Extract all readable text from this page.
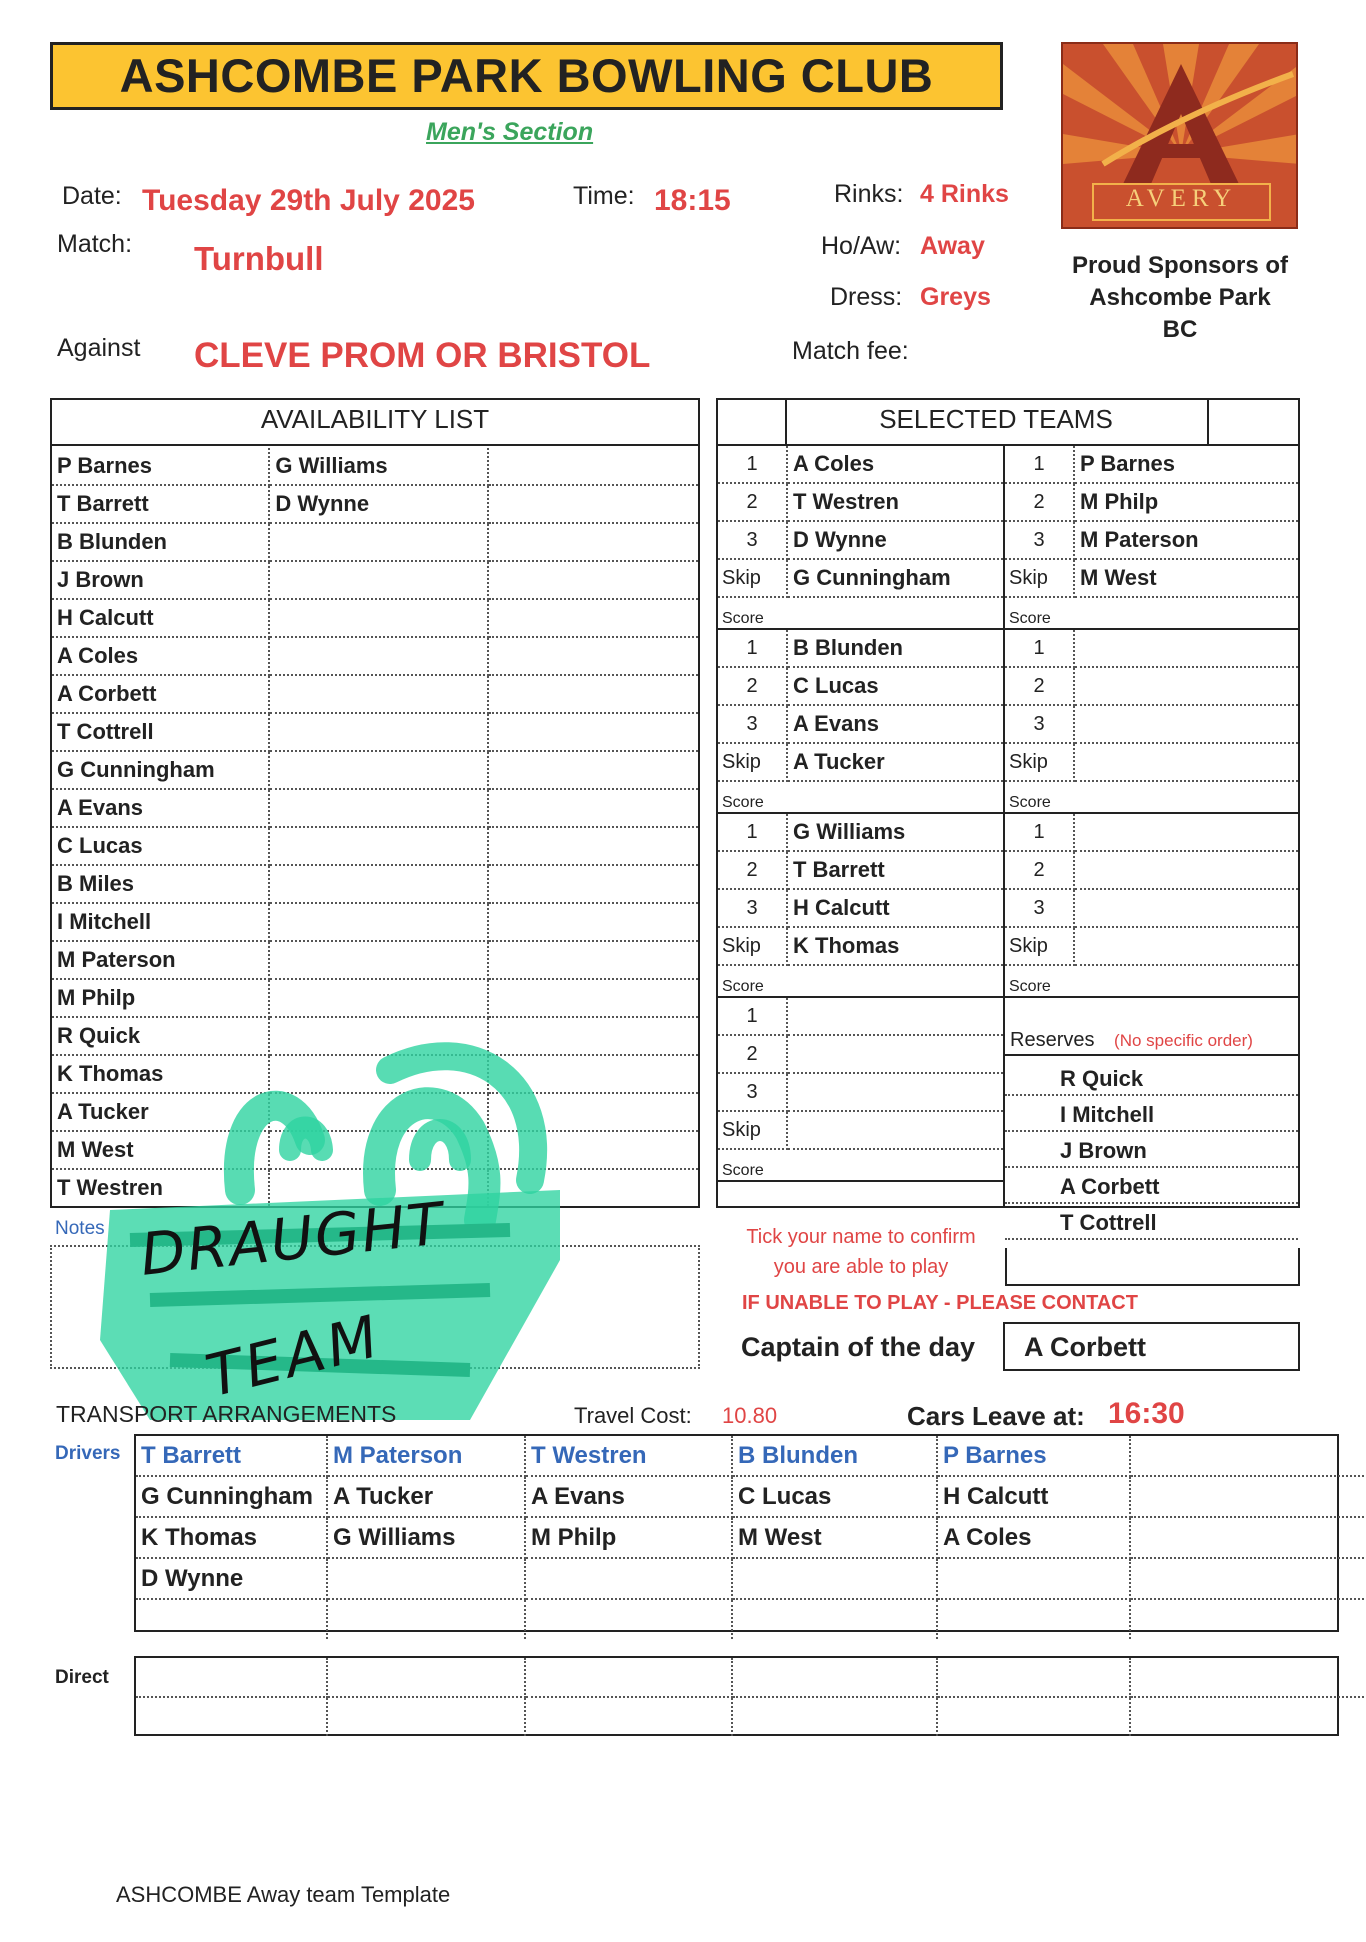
ASHCOMBE PARK BOWLING CLUB
Men's Section
AVERY
Proud Sponsors of
Ashcombe Park
BC
Date: Tuesday 29th July 2025	Time: 18:15	Rinks: 4 Rinks
Match: Turnbull	Ho/Aw: Away
Dress: Greys
Against CLEVE PROM OR BRISTOL	Match fee:
AVAILABILITY LIST
P Barnes	G Williams	
T Barrett	D Wynne	
B Blunden		
J Brown		
H Calcutt		
A Coles		
A Corbett		
T Cottrell		
G Cunningham		
A Evans		
C Lucas		
B Miles		
I Mitchell		
M Paterson		
M Philp		
R Quick		
K Thomas		
A Tucker		
M West		
T Westren		
SELECTED TEAMS
1	A Coles
2	T Westren
3	D Wynne
Skip	G Cunningham
Score	
1	B Blunden
2	C Lucas
3	A Evans
Skip	A Tucker
Score	
1	G Williams
2	T Barrett
3	H Calcutt
Skip	K Thomas
Score	
1	
2	
3	
Skip	
Score	
1	P Barnes
2	M Philp
3	M Paterson
Skip	M West
Score	
1	
2	
3	
Skip	
Score	
1	
2	
3	
Skip	
Score	
Reserves (No specific order)
R Quick
I Mitchell
J Brown
A Corbett
T Cottrell
Tick your name to confirm
you are able to play
IF UNABLE TO PLAY - PLEASE CONTACT
Captain of the day A Corbett
Notes DRAUGHT
TEAM
TRANSPORT ARRANGEMENTS	Travel Cost: 10.80	Cars Leave at: 16:30
Drivers T Barrett	M Paterson	T Westren	B Blunden	P Barnes	
G Cunningham	A Tucker	A Evans	C Lucas	H Calcutt	
K Thomas	G Williams	M Philp	M West	A Coles	
D Wynne					

Direct

ASHCOMBE Away team Template
